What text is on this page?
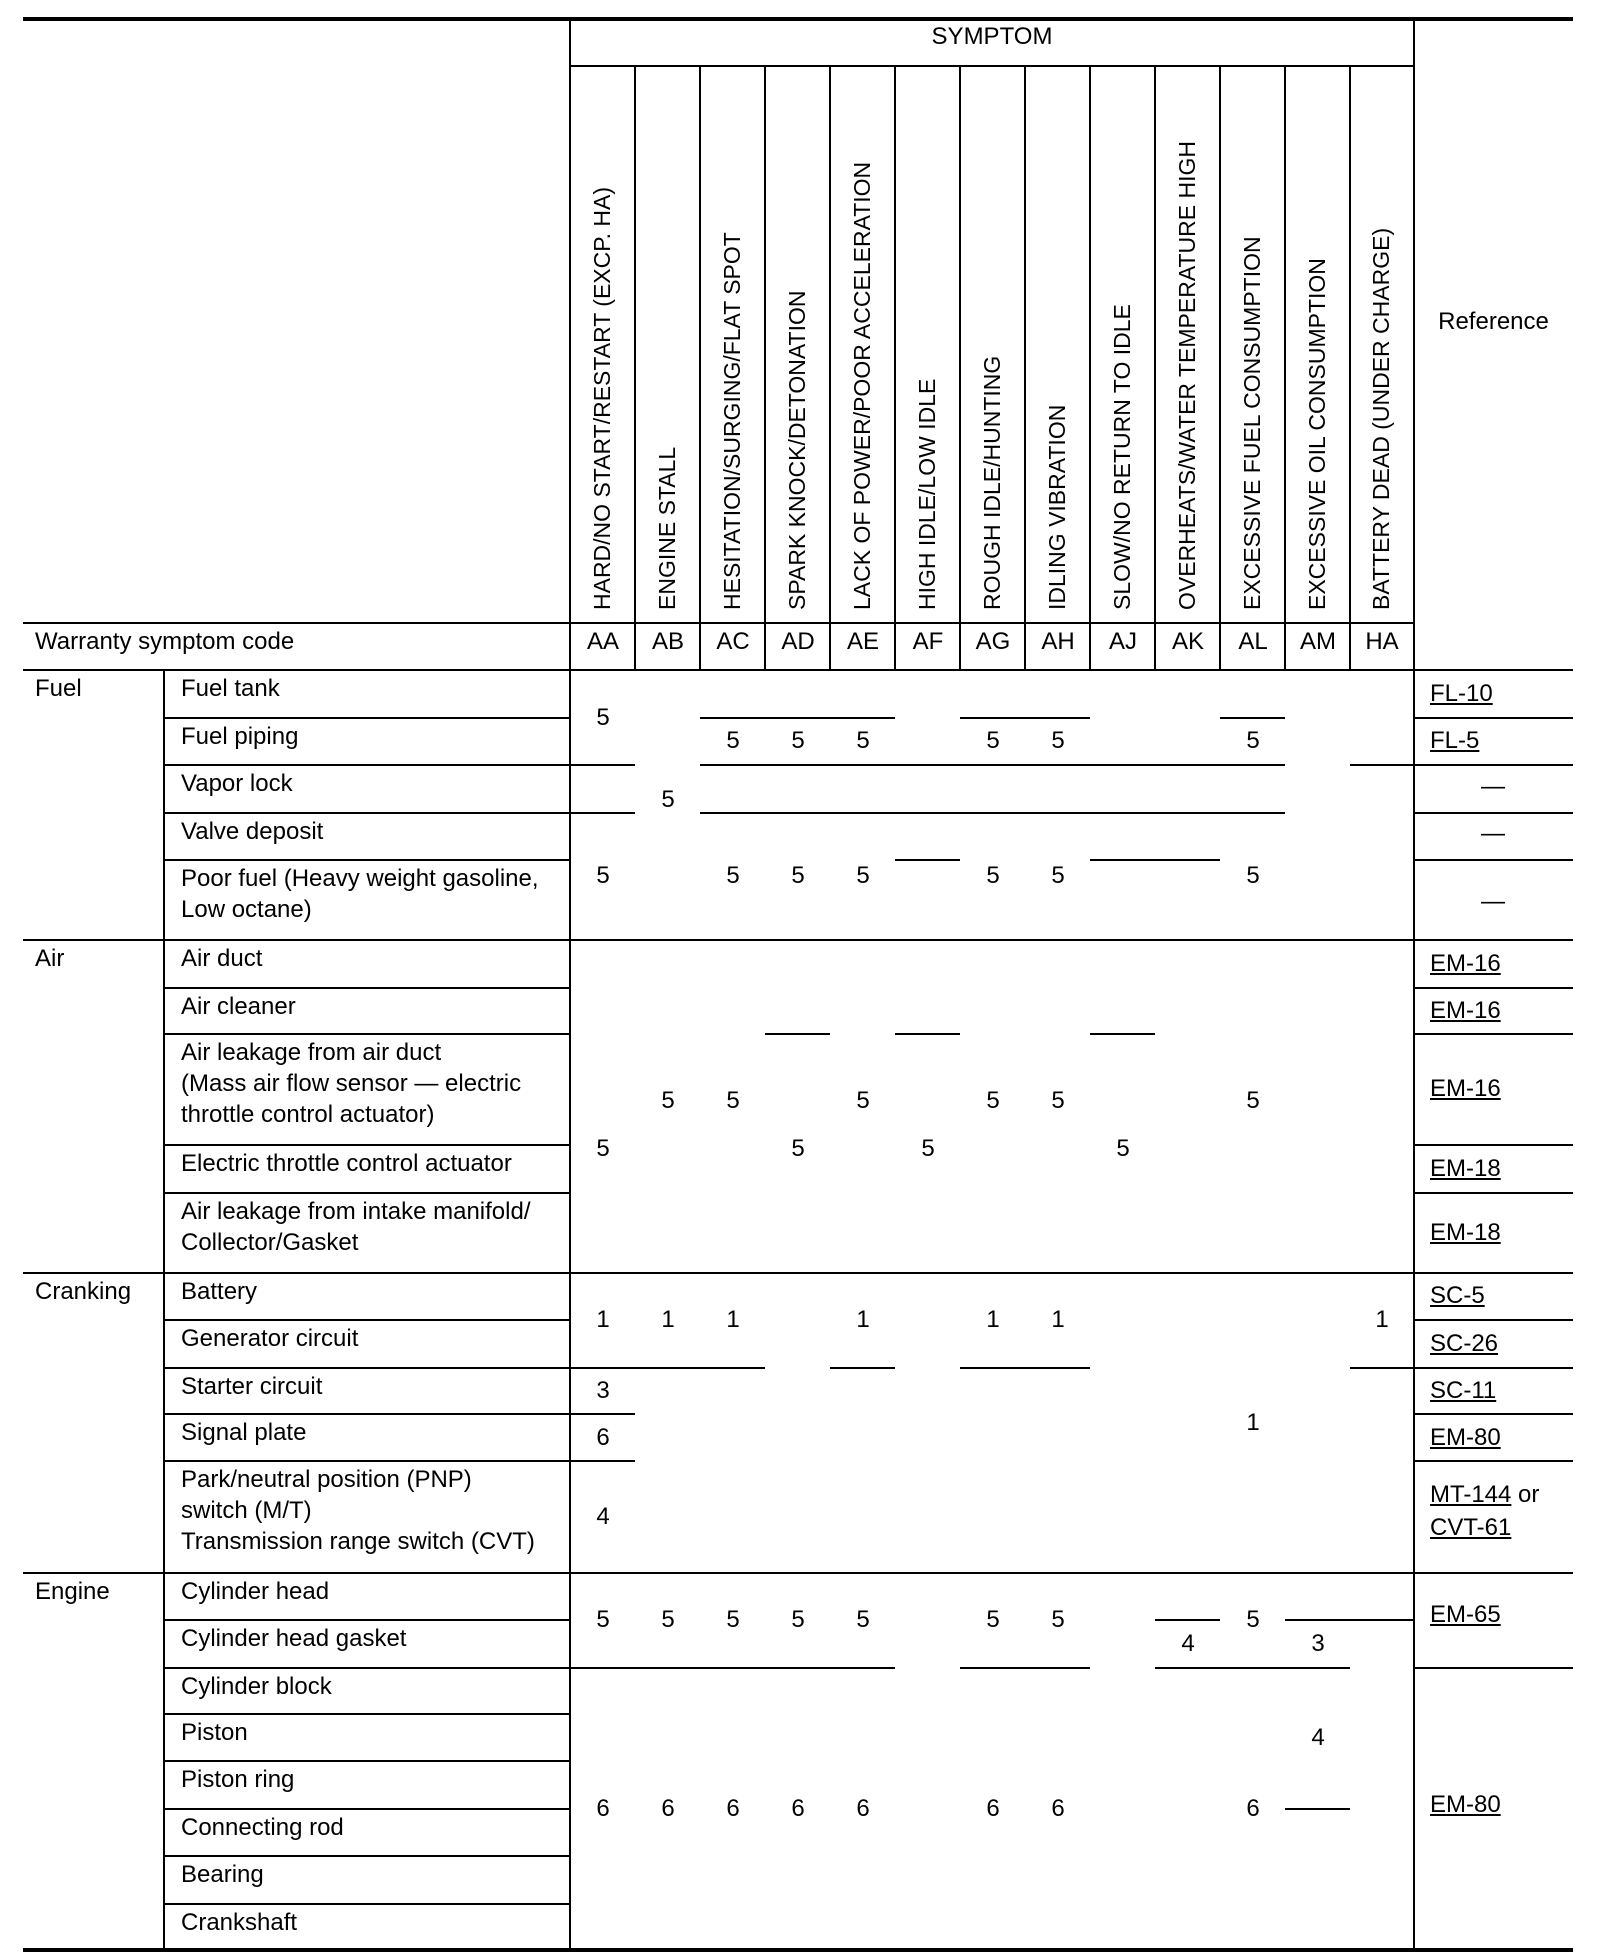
SYMPTOM
Reference
Warranty symptom code
HARD/NO START/RESTART (EXCP. HA)
AA
ENGINE STALL
AB
HESITATION/SURGING/FLAT SPOT
AC
SPARK KNOCK/DETONATION
AD
LACK OF POWER/POOR ACCELERATION
AE
HIGH IDLE/LOW IDLE
AF
ROUGH IDLE/HUNTING
AG
IDLING VIBRATION
AH
SLOW/NO RETURN TO IDLE
AJ
OVERHEATS/WATER TEMPERATURE HIGH
AK
EXCESSIVE FUEL CONSUMPTION
AL
EXCESSIVE OIL CONSUMPTION
AM
BATTERY DEAD (UNDER CHARGE)
HA
Fuel
Air
Cranking
Engine
Fuel tank
Fuel piping
Vapor lock
Valve deposit
Poor fuel (Heavy weight gasoline,
Low octane)
Air duct
Air cleaner
Air leakage from air duct
(Mass air flow sensor — electric
throttle control actuator)
Electric throttle control actuator
Air leakage from intake manifold/
Collector/Gasket
Battery
Generator circuit
Starter circuit
Signal plate
Park/neutral position (PNP)
switch (M/T)
Transmission range switch (CVT)
Cylinder head
Cylinder head gasket
Cylinder block
Piston
Piston ring
Connecting rod
Bearing
Crankshaft
5
5
5
1
3
6
4
5
6
5
5
1
5
6
5
5
5
1
5
6
5
5
5
5
6
5
5
5
1
5
6
5
5
5
5
1
5
6
5
5
5
1
5
6
5
4
5
5
5
1
5
6
3
4
1
FL-10
FL-5
EM-16
EM-16
EM-16
EM-18
EM-18
SC-5
SC-26
SC-11
EM-80
—
—
—
MT-144 or
CVT-61
EM-65
EM-80
